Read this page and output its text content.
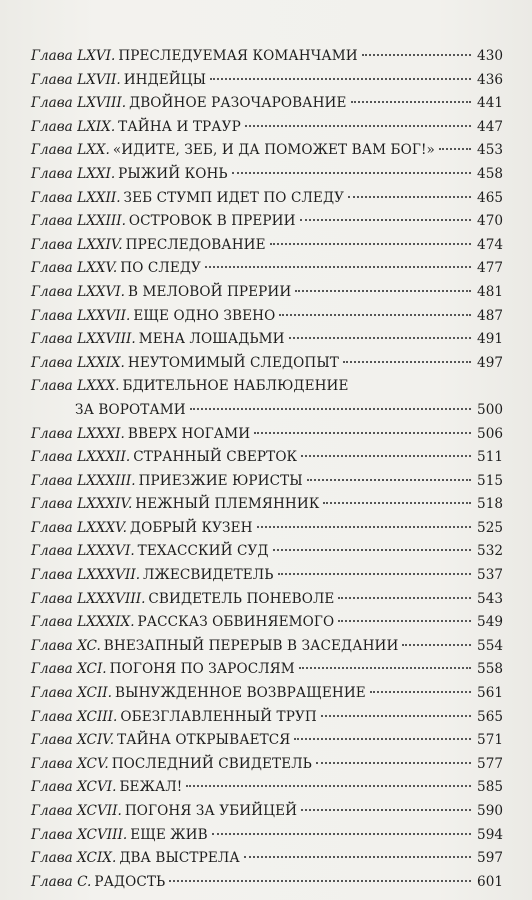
Глава LXVI. ПРЕСЛЕДУЕМАЯ КОМАНЧАМИ	430
Глава LXVII. ИНДЕЙЦЫ	436
Глава LXVIII. ДВОЙНОЕ РАЗОЧАРОВАНИЕ	441
Глава LXIX. ТАЙНА И ТРАУР	447
Глава LXX. «ИДИТЕ, ЗЕБ, И ДА ПОМОЖЕТ ВАМ БОГ!»	453
Глава LXXI. РЫЖИЙ КОНЬ	458
Глава LXXII. ЗЕБ СТУМП ИДЕТ ПО СЛЕДУ	465
Глава LXXIII. ОСТРОВОК В ПРЕРИИ	470
Глава LXXIV. ПРЕСЛЕДОВАНИЕ	474
Глава LXXV. ПО СЛЕДУ	477
Глава LXXVI. В МЕЛОВОЙ ПРЕРИИ	481
Глава LXXVII. ЕЩЕ ОДНО ЗВЕНО	487
Глава LXXVIII. МЕНА ЛОШАДЬМИ	491
Глава LXXIX. НЕУТОМИМЫЙ СЛЕДОПЫТ	497
Глава LXXX. БДИТЕЛЬНОЕ НАБЛЮДЕНИЕ
ЗА ВОРОТАМИ	500
Глава LXXXI. ВВЕРХ НОГАМИ	506
Глава LXXXII. СТРАННЫЙ СВЕРТОК	511
Глава LXXXIII. ПРИЕЗЖИЕ ЮРИСТЫ	515
Глава LXXXIV. НЕЖНЫЙ ПЛЕМЯННИК	518
Глава LXXXV. ДОБРЫЙ КУЗЕН	525
Глава LXXXVI. ТЕХАССКИЙ СУД	532
Глава LXXXVII. ЛЖЕСВИДЕТЕЛЬ	537
Глава LXXXVIII. СВИДЕТЕЛЬ ПОНЕВОЛЕ	543
Глава LXXXIX. РАССКАЗ ОБВИНЯЕМОГО	549
Глава XC. ВНЕЗАПНЫЙ ПЕРЕРЫВ В ЗАСЕДАНИИ	554
Глава XCI. ПОГОНЯ ПО ЗАРОСЛЯМ	558
Глава XCII. ВЫНУЖДЕННОЕ ВОЗВРАЩЕНИЕ	561
Глава XCIII. ОБЕЗГЛАВЛЕННЫЙ ТРУП	565
Глава XCIV. ТАЙНА ОТКРЫВАЕТСЯ	571
Глава XCV. ПОСЛЕДНИЙ СВИДЕТЕЛЬ	577
Глава XCVI. БЕЖАЛ!	585
Глава XCVII. ПОГОНЯ ЗА УБИЙЦЕЙ	590
Глава XCVIII. ЕЩЕ ЖИВ	594
Глава XCIX. ДВА ВЫСТРЕЛА	597
Глава C. РАДОСТЬ	601
